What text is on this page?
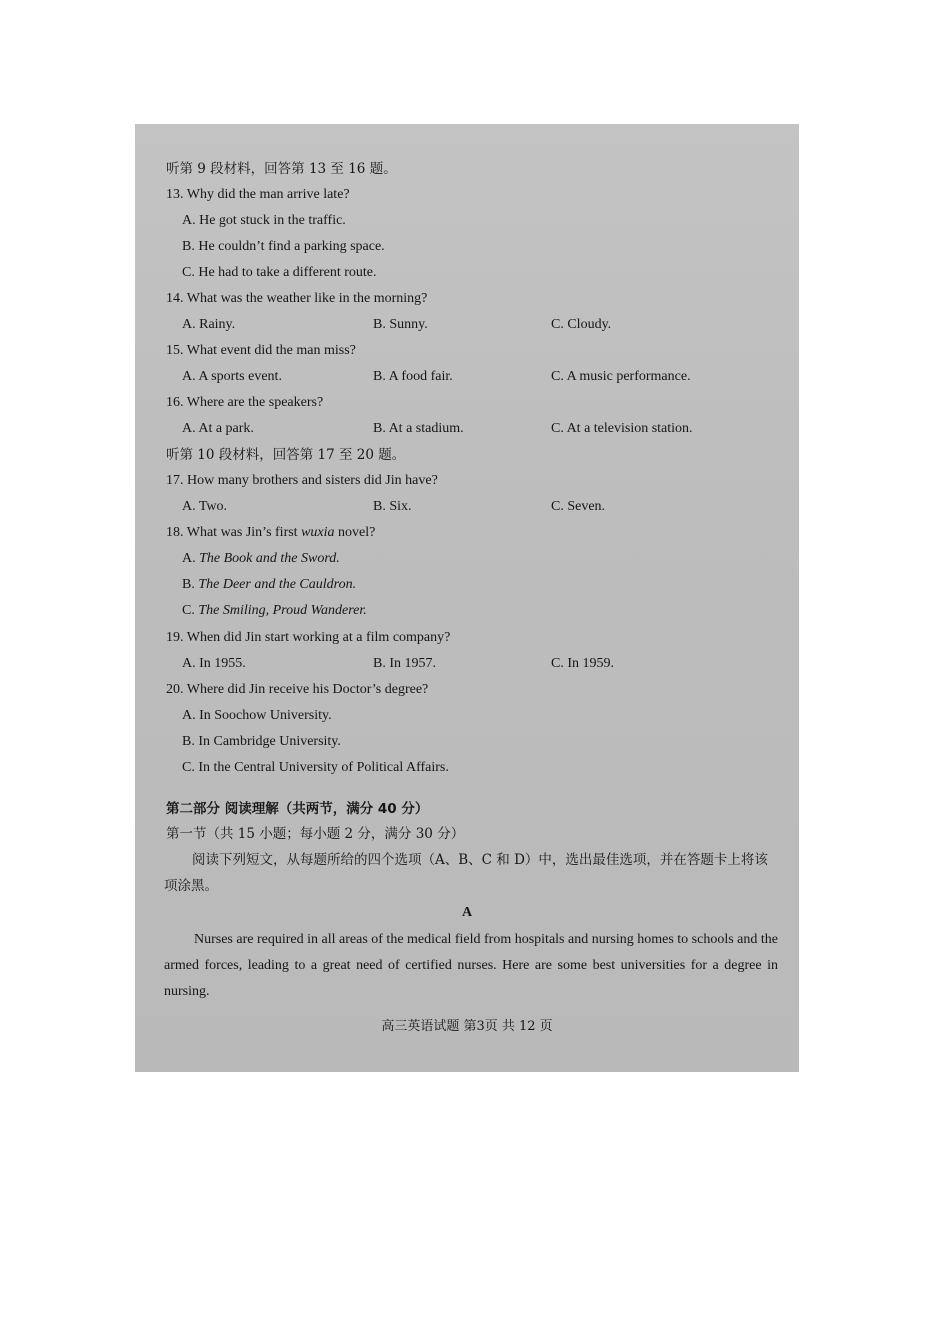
听第 9 段材料，回答第 13 至 16 题。
13. Why did the man arrive late?
A. He got stuck in the traffic.
B. He couldn’t find a parking space.
C. He had to take a different route.
14. What was the weather like in the morning?
A. Rainy.	B. Sunny.	C. Cloudy.
15. What event did the man miss?
A. A sports event.	B. A food fair.	C. A music performance.
16. Where are the speakers?
A. At a park.	B. At a stadium.	C. At a television station.
听第 10 段材料，回答第 17 至 20 题。
17. How many brothers and sisters did Jin have?
A. Two.	B. Six.	C. Seven.
18. What was Jin’s first wuxia novel?
A. The Book and the Sword.
B. The Deer and the Cauldron.
C. The Smiling, Proud Wanderer.
19. When did Jin start working at a film company?
A. In 1955.	B. In 1957.	C. In 1959.
20. Where did Jin receive his Doctor’s degree?
A. In Soochow University.
B. In Cambridge University.
C. In the Central University of Political Affairs.
第二部分 阅读理解（共两节，满分 40 分）
第一节（共 15 小题；每小题 2 分，满分 30 分）
阅读下列短文，从每题所给的四个选项（A、B、C 和 D）中，选出最佳选项，并在答题卡上将该项涂黑。
A
Nurses are required in all areas of the medical field from hospitals and nursing homes to schools and the armed forces, leading to a great need of certified nurses. Here are some best universities for a degree in nursing.
高三英语试题 第3页 共 12 页
